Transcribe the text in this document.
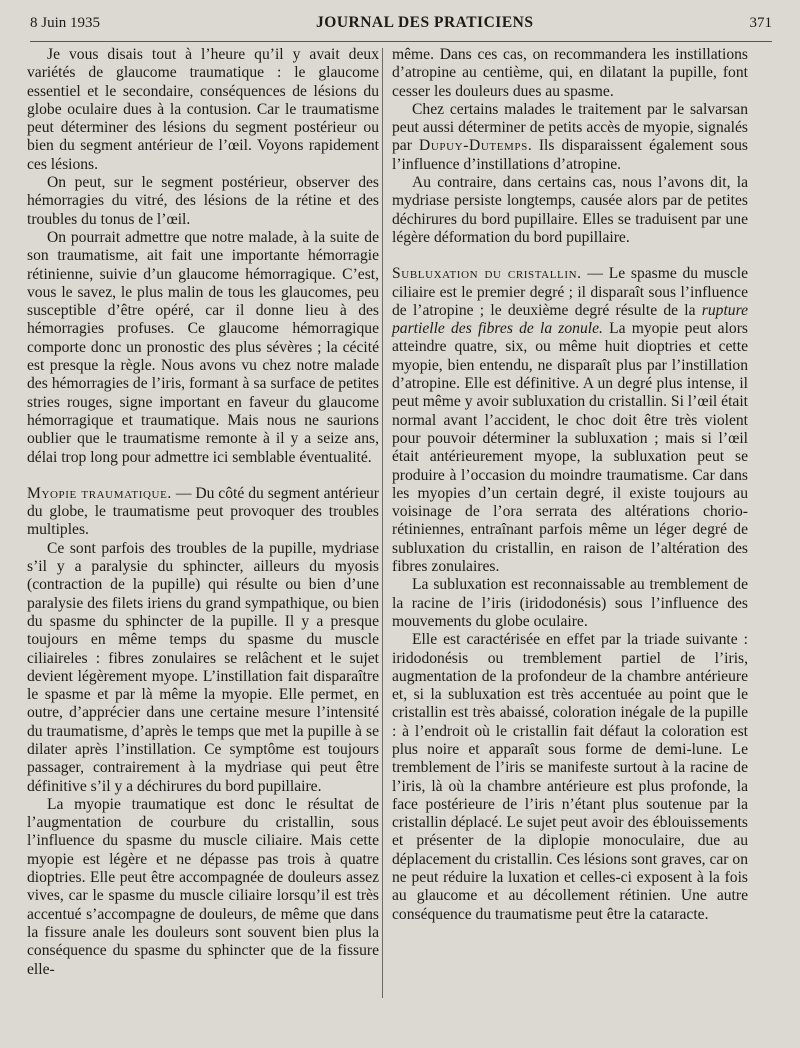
8 Juin 1935	JOURNAL DES PRATICIENS	371

Je vous disais tout à l’heure qu’il y avait deux variétés de glaucome traumatique : le glaucome essentiel et le secondaire, conséquences de lésions du globe oculaire dues à la contusion. Car le traumatisme peut déterminer des lésions du segment postérieur ou bien du segment antérieur de l’œil. Voyons rapidement ces lésions.

On peut, sur le segment postérieur, observer des hémorragies du vitré, des lésions de la rétine et des troubles du tonus de l’œil.

On pourrait admettre que notre malade, à la suite de son traumatisme, ait fait une importante hémorragie rétinienne, suivie d’un glaucome hémorragique. C’est, vous le savez, le plus malin de tous les glaucomes, peu susceptible d’être opéré, car il donne lieu à des hémorragies profuses. Ce glaucome hémorragique comporte donc un pronostic des plus sévères ; la cécité est presque la règle. Nous avons vu chez notre malade des hémorragies de l’iris, formant à sa surface de petites stries rouges, signe important en faveur du glaucome hémorragique et traumatique. Mais nous ne saurions oublier que le traumatisme remonte à il y a seize ans, délai trop long pour admettre ici semblable éventualité.

Myopie traumatique. — Du côté du segment antérieur du globe, le traumatisme peut provoquer des troubles multiples.

Ce sont parfois des troubles de la pupille, mydriase s’il y a paralysie du sphincter, ailleurs du myosis (contraction de la pupille) qui résulte ou bien d’une paralysie des filets iriens du grand sympathique, ou bien du spasme du sphincter de la pupille. Il y a presque toujours en même temps du spasme du muscle ciliaireles : fibres zonulaires se relâchent et le sujet devient légèrement myope. L’instillation fait disparaître le spasme et par là même la myopie. Elle permet, en outre, d’apprécier dans une certaine mesure l’intensité du traumatisme, d’après le temps que met la pupille à se dilater après l’instillation. Ce symptôme est toujours passager, contrairement à la mydriase qui peut être définitive s’il y a déchirures du bord pupillaire.

La myopie traumatique est donc le résultat de l’augmentation de courbure du cristallin, sous l’influence du spasme du muscle ciliaire. Mais cette myopie est légère et ne dépasse pas trois à quatre dioptries. Elle peut être accompagnée de douleurs assez vives, car le spasme du muscle ciliaire lorsqu’il est très accentué s’accompagne de douleurs, de même que dans la fissure anale les douleurs sont souvent bien plus la conséquence du spasme du sphincter que de la fissure elle-

même. Dans ces cas, on recommandera les instillations d’atropine au centième, qui, en dilatant la pupille, font cesser les douleurs dues au spasme.

Chez certains malades le traitement par le salvarsan peut aussi déterminer de petits accès de myopie, signalés par Dupuy-Dutemps. Ils disparaissent également sous l’influence d’instillations d’atropine.

Au contraire, dans certains cas, nous l’avons dit, la mydriase persiste longtemps, causée alors par de petites déchirures du bord pupillaire. Elles se traduisent par une légère déformation du bord pupillaire.

Subluxation du cristallin. — Le spasme du muscle ciliaire est le premier degré ; il disparaît sous l’influence de l’atropine ; le deuxième degré résulte de la rupture partielle des fibres de la zonule. La myopie peut alors atteindre quatre, six, ou même huit dioptries et cette myopie, bien entendu, ne disparaît plus par l’instillation d’atropine. Elle est définitive. A un degré plus intense, il peut même y avoir subluxation du cristallin. Si l’œil était normal avant l’accident, le choc doit être très violent pour pouvoir déterminer la subluxation ; mais si l’œil était antérieurement myope, la subluxation peut se produire à l’occasion du moindre traumatisme. Car dans les myopies d’un certain degré, il existe toujours au voisinage de l’ora serrata des altérations chorio-rétiniennes, entraînant parfois même un léger degré de subluxation du cristallin, en raison de l’altération des fibres zonulaires.

La subluxation est reconnaissable au tremblement de la racine de l’iris (iridodonésis) sous l’influence des mouvements du globe oculaire.

Elle est caractérisée en effet par la triade suivante : iridodonésis ou tremblement partiel de l’iris, augmentation de la profondeur de la chambre antérieure et, si la subluxation est très accentuée au point que le cristallin est très abaissé, coloration inégale de la pupille : à l’endroit où le cristallin fait défaut la coloration est plus noire et apparaît sous forme de demi-lune. Le tremblement de l’iris se manifeste surtout à la racine de l’iris, là où la chambre antérieure est plus profonde, la face postérieure de l’iris n’étant plus soutenue par la cristallin déplacé. Le sujet peut avoir des éblouissements et présenter de la diplopie monoculaire, due au déplacement du cristallin. Ces lésions sont graves, car on ne peut réduire la luxation et celles-ci exposent à la fois au glaucome et au décollement rétinien. Une autre conséquence du traumatisme peut être la cataracte.
